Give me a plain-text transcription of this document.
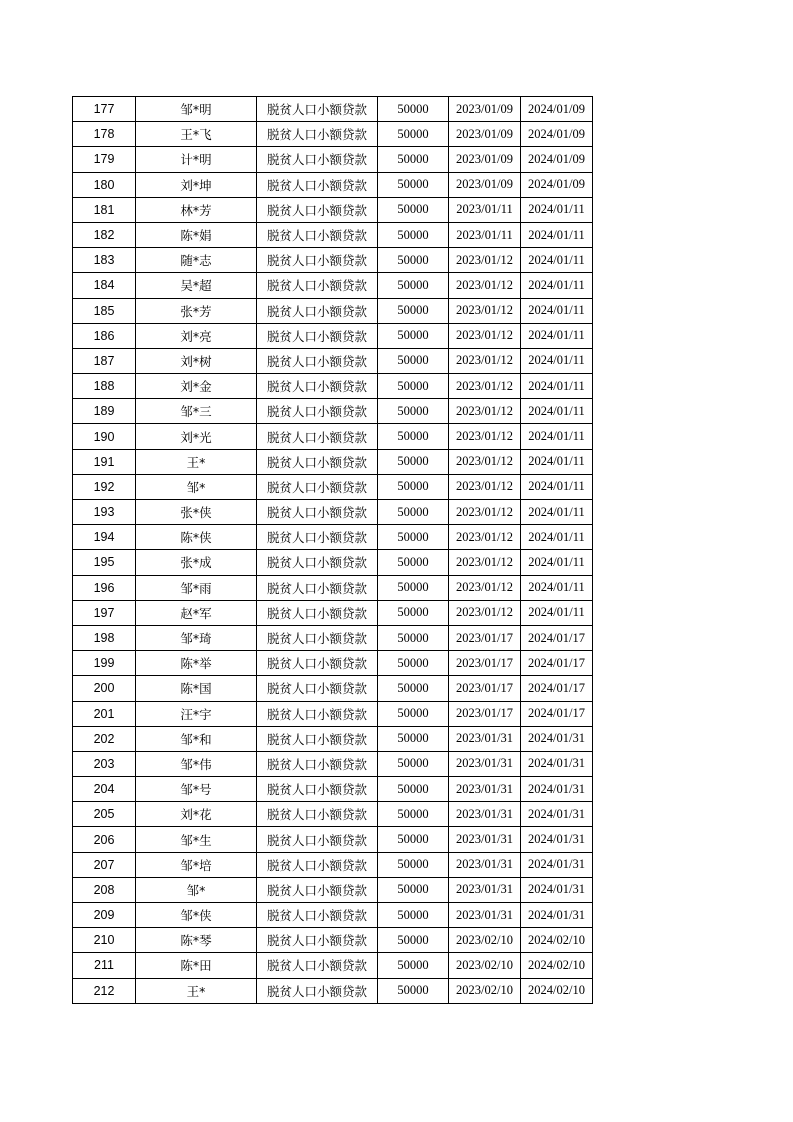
177	邹*明	脱贫人口小额贷款	50000	2023/01/09	2024/01/09
178	王*飞	脱贫人口小额贷款	50000	2023/01/09	2024/01/09
179	计*明	脱贫人口小额贷款	50000	2023/01/09	2024/01/09
180	刘*坤	脱贫人口小额贷款	50000	2023/01/09	2024/01/09
181	林*芳	脱贫人口小额贷款	50000	2023/01/11	2024/01/11
182	陈*娟	脱贫人口小额贷款	50000	2023/01/11	2024/01/11
183	随*志	脱贫人口小额贷款	50000	2023/01/12	2024/01/11
184	吴*超	脱贫人口小额贷款	50000	2023/01/12	2024/01/11
185	张*芳	脱贫人口小额贷款	50000	2023/01/12	2024/01/11
186	刘*亮	脱贫人口小额贷款	50000	2023/01/12	2024/01/11
187	刘*树	脱贫人口小额贷款	50000	2023/01/12	2024/01/11
188	刘*金	脱贫人口小额贷款	50000	2023/01/12	2024/01/11
189	邹*三	脱贫人口小额贷款	50000	2023/01/12	2024/01/11
190	刘*光	脱贫人口小额贷款	50000	2023/01/12	2024/01/11
191	王*	脱贫人口小额贷款	50000	2023/01/12	2024/01/11
192	邹*	脱贫人口小额贷款	50000	2023/01/12	2024/01/11
193	张*侠	脱贫人口小额贷款	50000	2023/01/12	2024/01/11
194	陈*侠	脱贫人口小额贷款	50000	2023/01/12	2024/01/11
195	张*成	脱贫人口小额贷款	50000	2023/01/12	2024/01/11
196	邹*雨	脱贫人口小额贷款	50000	2023/01/12	2024/01/11
197	赵*军	脱贫人口小额贷款	50000	2023/01/12	2024/01/11
198	邹*琦	脱贫人口小额贷款	50000	2023/01/17	2024/01/17
199	陈*举	脱贫人口小额贷款	50000	2023/01/17	2024/01/17
200	陈*国	脱贫人口小额贷款	50000	2023/01/17	2024/01/17
201	汪*宇	脱贫人口小额贷款	50000	2023/01/17	2024/01/17
202	邹*和	脱贫人口小额贷款	50000	2023/01/31	2024/01/31
203	邹*伟	脱贫人口小额贷款	50000	2023/01/31	2024/01/31
204	邹*号	脱贫人口小额贷款	50000	2023/01/31	2024/01/31
205	刘*花	脱贫人口小额贷款	50000	2023/01/31	2024/01/31
206	邹*生	脱贫人口小额贷款	50000	2023/01/31	2024/01/31
207	邹*培	脱贫人口小额贷款	50000	2023/01/31	2024/01/31
208	邹*	脱贫人口小额贷款	50000	2023/01/31	2024/01/31
209	邹*侠	脱贫人口小额贷款	50000	2023/01/31	2024/01/31
210	陈*琴	脱贫人口小额贷款	50000	2023/02/10	2024/02/10
211	陈*田	脱贫人口小额贷款	50000	2023/02/10	2024/02/10
212	王*	脱贫人口小额贷款	50000	2023/02/10	2024/02/10
